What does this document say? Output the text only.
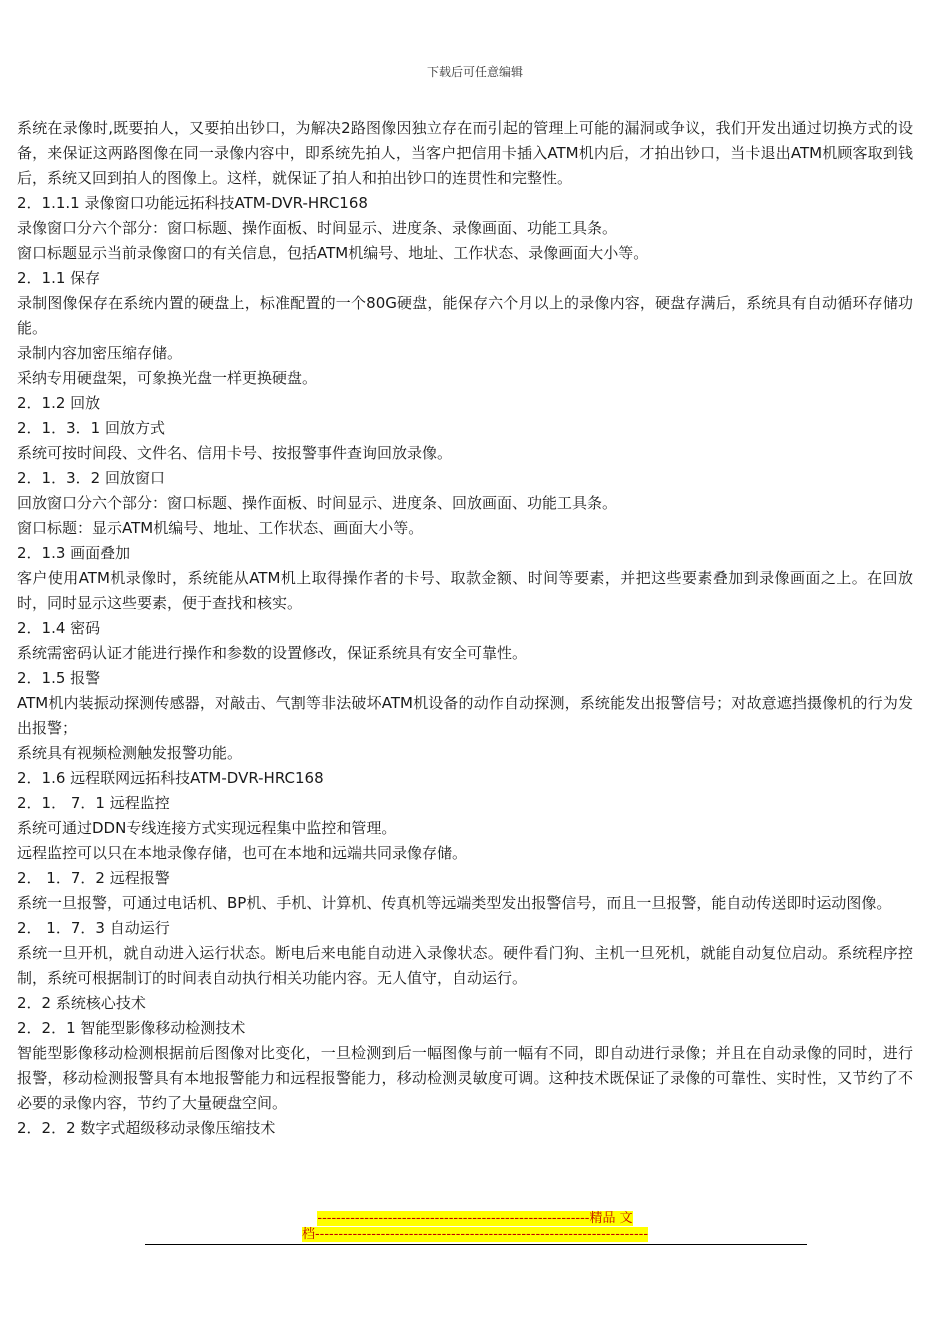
下载后可任意编辑

系统在录像时,既要拍人，又要拍出钞口，为解决2路图像因独立存在而引起的管理上可能的漏洞或争议，我们开发出通过切换方式的设备，来保证这两路图像在同一录像内容中，即系统先拍人，当客户把信用卡插入ATM机内后，才拍出钞口，当卡退出ATM机顾客取到钱后，系统又回到拍人的图像上。这样，就保证了拍人和拍出钞口的连贯性和完整性。

2．1.1.1 录像窗口功能远拓科技ATM-DVR-HRC168

录像窗口分六个部分：窗口标题、操作面板、时间显示、进度条、录像画面、功能工具条。

窗口标题显示当前录像窗口的有关信息，包括ATM机编号、地址、工作状态、录像画面大小等。

2．1.1 保存

录制图像保存在系统内置的硬盘上，标准配置的一个80G硬盘，能保存六个月以上的录像内容，硬盘存满后，系统具有自动循环存储功能。

录制内容加密压缩存储。

采纳专用硬盘架，可象换光盘一样更换硬盘。

2．1.2 回放

2．1．3．1 回放方式

系统可按时间段、文件名、信用卡号、按报警事件查询回放录像。

2．1．3．2 回放窗口

回放窗口分六个部分：窗口标题、操作面板、时间显示、进度条、回放画面、功能工具条。

窗口标题：显示ATM机编号、地址、工作状态、画面大小等。

2．1.3 画面叠加

客户使用ATM机录像时，系统能从ATM机上取得操作者的卡号、取款金额、时间等要素，并把这些要素叠加到录像画面之上。在回放时，同时显示这些要素，便于查找和核实。

2．1.4 密码

系统需密码认证才能进行操作和参数的设置修改，保证系统具有安全可靠性。

2．1.5 报警

ATM机内装振动探测传感器，对敲击、气割等非法破坏ATM机设备的动作自动探测，系统能发出报警信号；对故意遮挡摄像机的行为发出报警；

系统具有视频检测触发报警功能。

2．1.6 远程联网远拓科技ATM-DVR-HRC168

2．1． 7．1 远程监控

系统可通过DDN专线连接方式实现远程集中监控和管理。

远程监控可以只在本地录像存储，也可在本地和远端共同录像存储。

2． 1．7．2 远程报警

系统一旦报警，可通过电话机、BP机、手机、计算机、传真机等远端类型发出报警信号，而且一旦报警，能自动传送即时运动图像。

2． 1．7．3 自动运行

系统一旦开机，就自动进入运行状态。断电后来电能自动进入录像状态。硬件看门狗、主机一旦死机，就能自动复位启动。系统程序控制，系统可根据制订的时间表自动执行相关功能内容。无人值守，自动运行。

2．2 系统核心技术

2．2．1 智能型影像移动检测技术

智能型影像移动检测根据前后图像对比变化，一旦检测到后一幅图像与前一幅有不同，即自动进行录像；并且在自动录像的同时，进行报警，移动检测报警具有本地报警能力和远程报警能力，移动检测灵敏度可调。这种技术既保证了录像的可靠性、实时性，又节约了不必要的录像内容，节约了大量硬盘空间。

2．2．2 数字式超级移动录像压缩技术

----------------------------------------------------------精品 文
档-----------------------------------------------------------------------
